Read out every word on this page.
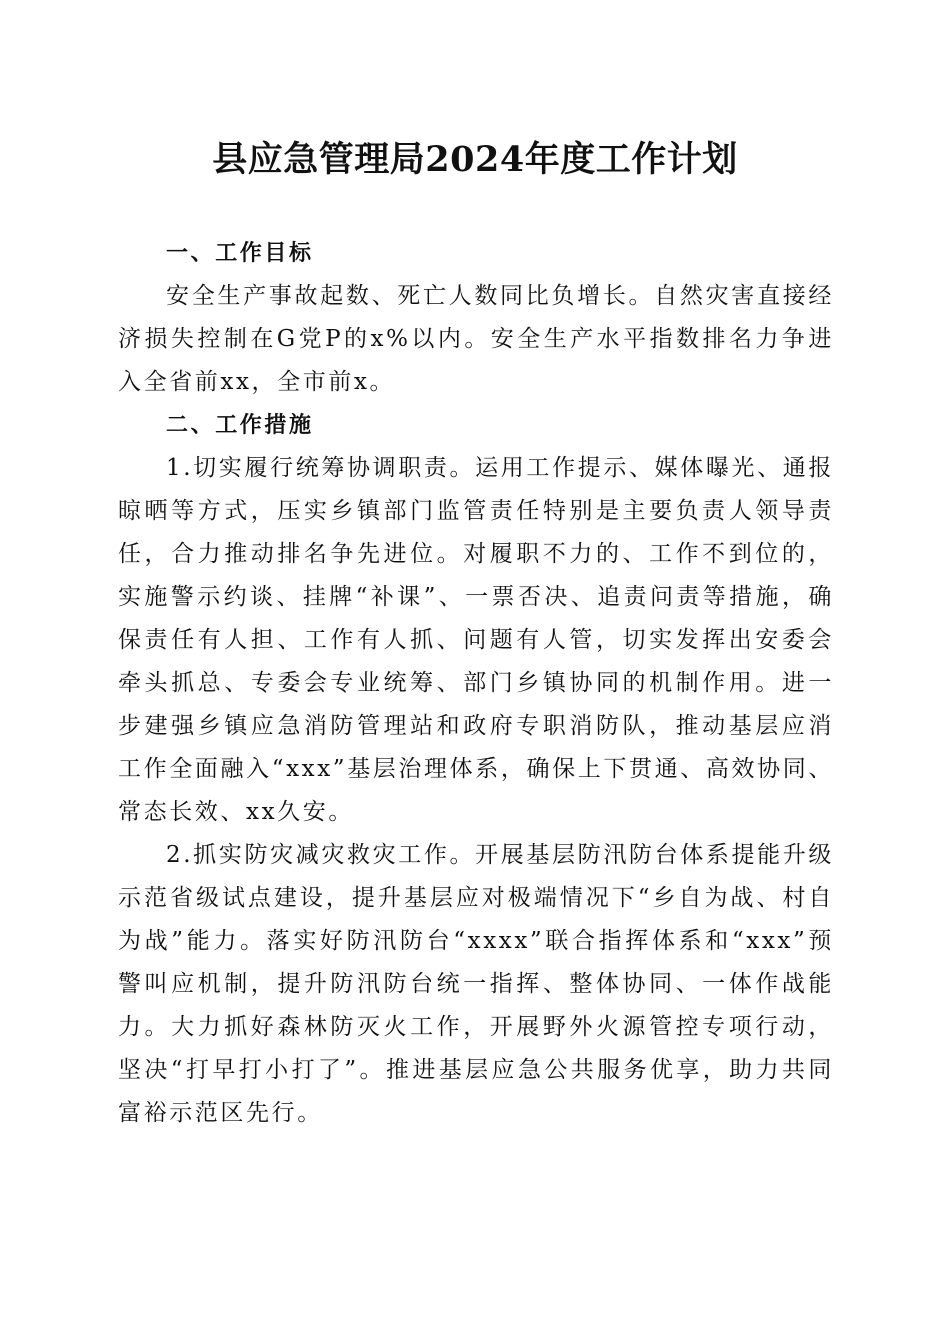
县应急管理局2024年度工作计划

一、工作目标

安全生产事故起数、死亡人数同比负增长。自然灾害直接经济损失控制在G党P的x%以内。安全生产水平指数排名力争进入全省前xx，全市前x。

二、工作措施

1.切实履行统筹协调职责。运用工作提示、媒体曝光、通报晾晒等方式，压实乡镇部门监管责任特别是主要负责人领导责任，合力推动排名争先进位。对履职不力的、工作不到位的，实施警示约谈、挂牌“补课”、一票否决、追责问责等措施，确保责任有人担、工作有人抓、问题有人管，切实发挥出安委会牵头抓总、专委会专业统筹、部门乡镇协同的机制作用。进一步建强乡镇应急消防管理站和政府专职消防队，推动基层应消工作全面融入“xxx”基层治理体系，确保上下贯通、高效协同、常态长效、xx久安。

2.抓实防灾减灾救灾工作。开展基层防汛防台体系提能升级示范省级试点建设，提升基层应对极端情况下“乡自为战、村自为战”能力。落实好防汛防台“xxxx”联合指挥体系和“xxx”预警叫应机制，提升防汛防台统一指挥、整体协同、一体作战能力。大力抓好森林防灭火工作，开展野外火源管控专项行动，坚决“打早打小打了”。推进基层应急公共服务优享，助力共同富裕示范区先行。
